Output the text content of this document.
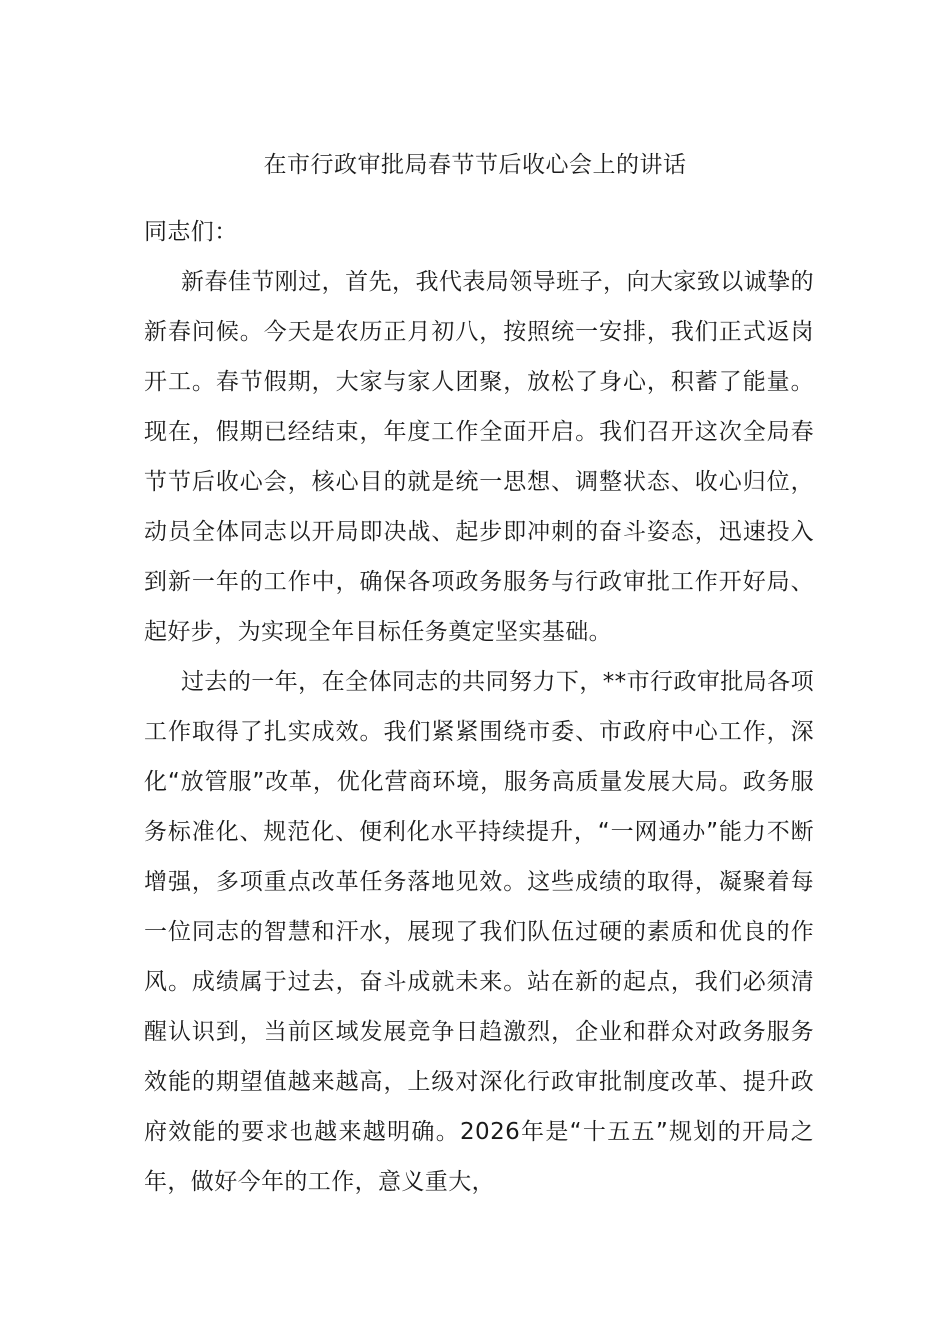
在市行政审批局春节节后收心会上的讲话

同志们：

新春佳节刚过，首先，我代表局领导班子，向大家致以诚挚的新春问候。今天是农历正月初八，按照统一安排，我们正式返岗开工。春节假期，大家与家人团聚，放松了身心，积蓄了能量。现在，假期已经结束，年度工作全面开启。我们召开这次全局春节节后收心会，核心目的就是统一思想、调整状态、收心归位，动员全体同志以开局即决战、起步即冲刺的奋斗姿态，迅速投入到新一年的工作中，确保各项政务服务与行政审批工作开好局、起好步，为实现全年目标任务奠定坚实基础。

过去的一年，在全体同志的共同努力下，**市行政审批局各项工作取得了扎实成效。我们紧紧围绕市委、市政府中心工作，深化“放管服”改革，优化营商环境，服务高质量发展大局。政务服务标准化、规范化、便利化水平持续提升，“一网通办”能力不断增强，多项重点改革任务落地见效。这些成绩的取得，凝聚着每一位同志的智慧和汗水，展现了我们队伍过硬的素质和优良的作风。成绩属于过去，奋斗成就未来。站在新的起点，我们必须清醒认识到，当前区域发展竞争日趋激烈，企业和群众对政务服务效能的期望值越来越高，上级对深化行政审批制度改革、提升政府效能的要求也越来越明确。2026年是“十五五”规划的开局之年，做好今年的工作，意义重大，
